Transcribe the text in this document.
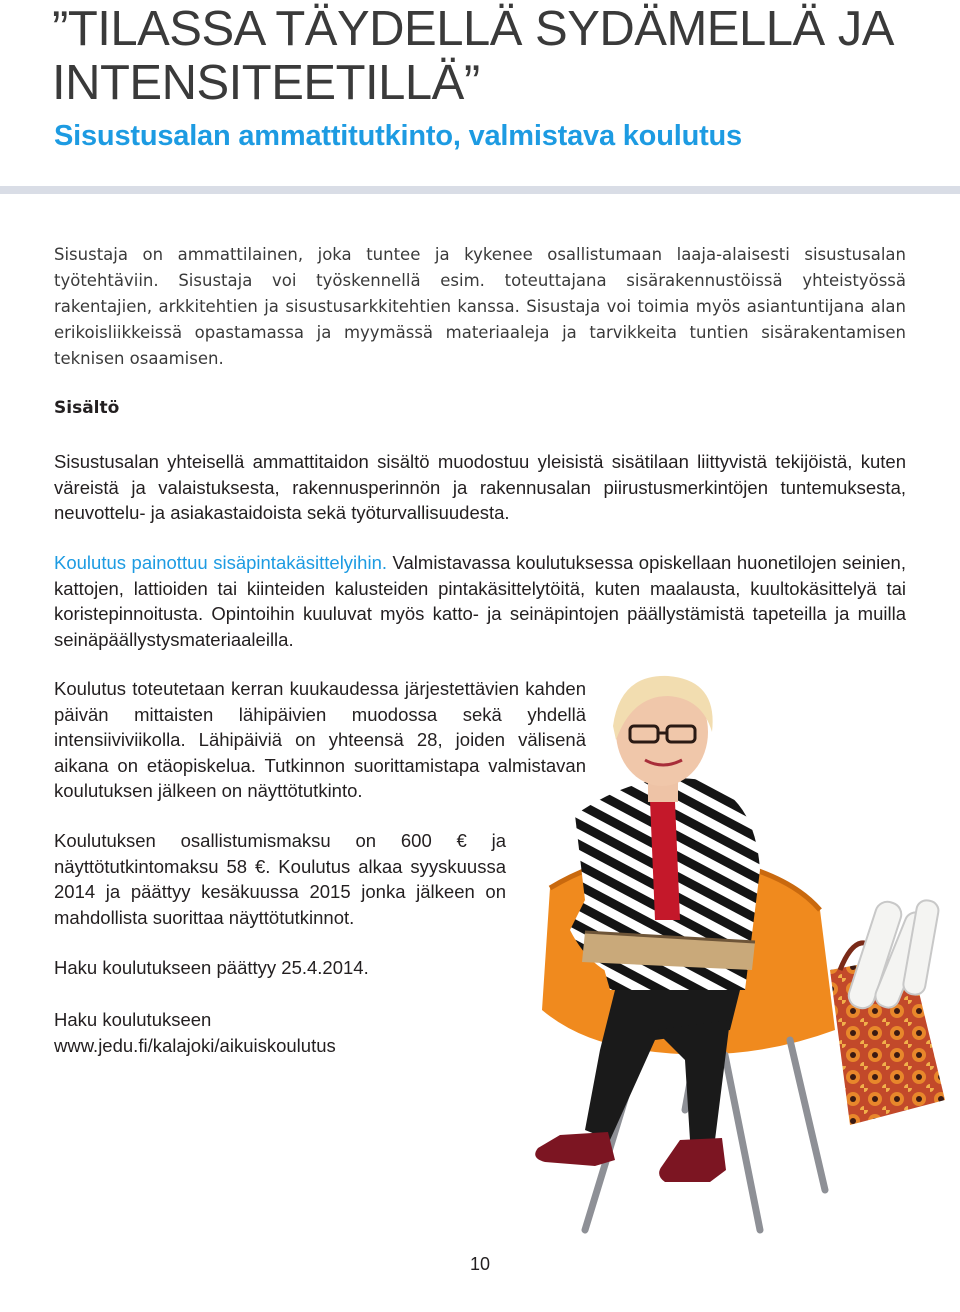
”TILASSA TÄYDELLÄ SYDÄMELLÄ JA INTENSITEETILLÄ”
Sisustusalan ammattitutkinto, valmistava koulutus

Sisustaja on ammattilainen, joka tuntee ja kykenee osallistumaan laaja-alaisesti sisustusalan työtehtäviin. Sisustaja voi työskennellä esim. toteuttajana sisärakennustöissä yhteistyössä rakentajien, arkkitehtien ja sisustusarkkitehtien kanssa. Sisustaja voi toimia myös asiantuntijana alan erikoisliikkeissä opastamassa ja myymässä materiaaleja ja tarvikkeita tuntien sisärakentamisen teknisen osaamisen.

Sisältö

Sisustusalan yhteisellä ammattitaidon sisältö muodostuu yleisistä sisätilaan liittyvistä tekijöistä, kuten väreistä ja valaistuksesta, rakennusperinnön ja rakennusalan piirustusmerkintöjen tuntemuksesta, neuvottelu- ja asiakastaidoista sekä työturvallisuudesta.

Koulutus painottuu sisäpintakäsittelyihin. Valmistavassa koulutuksessa opiskellaan huonetilojen seinien, kattojen, lattioiden tai kiinteiden kalusteiden pintakäsittelytöitä, kuten maalausta, kuultokäsittelyä tai koristepinnoitusta. Opintoihin kuuluvat myös katto- ja seinäpintojen päällystämistä tapeteilla ja muilla seinäpäällystysmateriaaleilla.

Koulutus toteutetaan kerran kuukaudessa järjestettävien kahden päivän mittaisten lähipäivien muodossa sekä yhdellä intensiiviviikolla. Lähipäiviä on yhteensä 28, joiden välisenä aikana on etäopiskelua. Tutkinnon suorittamistapa valmistavan koulutuksen jälkeen on näyttötutkinto.

Koulutuksen osallistumismaksu on 600 € ja näyttötutkintomaksu 58 €. Koulutus alkaa syyskuussa 2014 ja päättyy kesäkuussa 2015 jonka jälkeen on mahdollista suorittaa näyttötutkinnot.

Haku koulutukseen päättyy 25.4.2014.

Haku koulutukseen
www.jedu.fi/kalajoki/aikuiskoulutus

10
